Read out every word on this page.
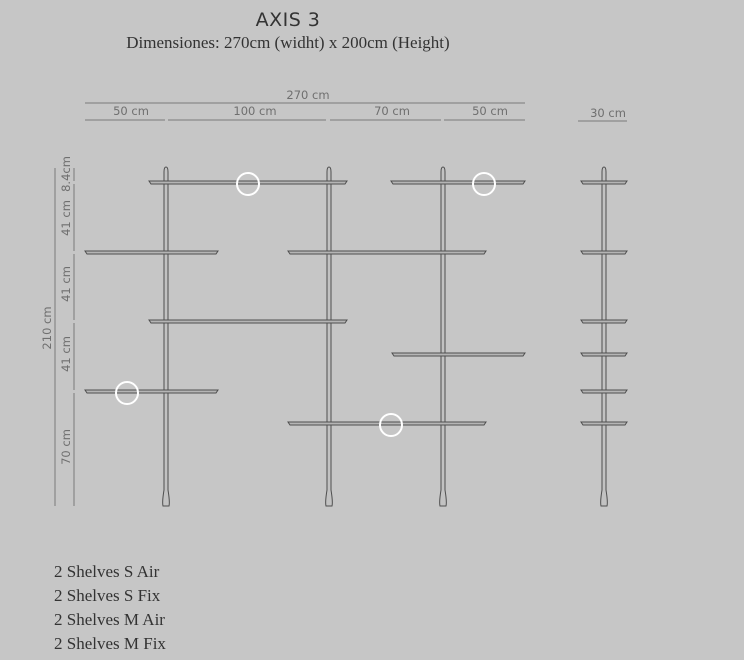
AXIS 3
Dimensiones: 270cm (widht) x 200cm (Height)
270 cm
50 cm	100 cm	70 cm	50 cm	30 cm
210 cm
8.4cm
41 cm
41 cm
41 cm
70 cm
2 Shelves S Air
2 Shelves S Fix
2 Shelves M Air
2 Shelves M Fix
